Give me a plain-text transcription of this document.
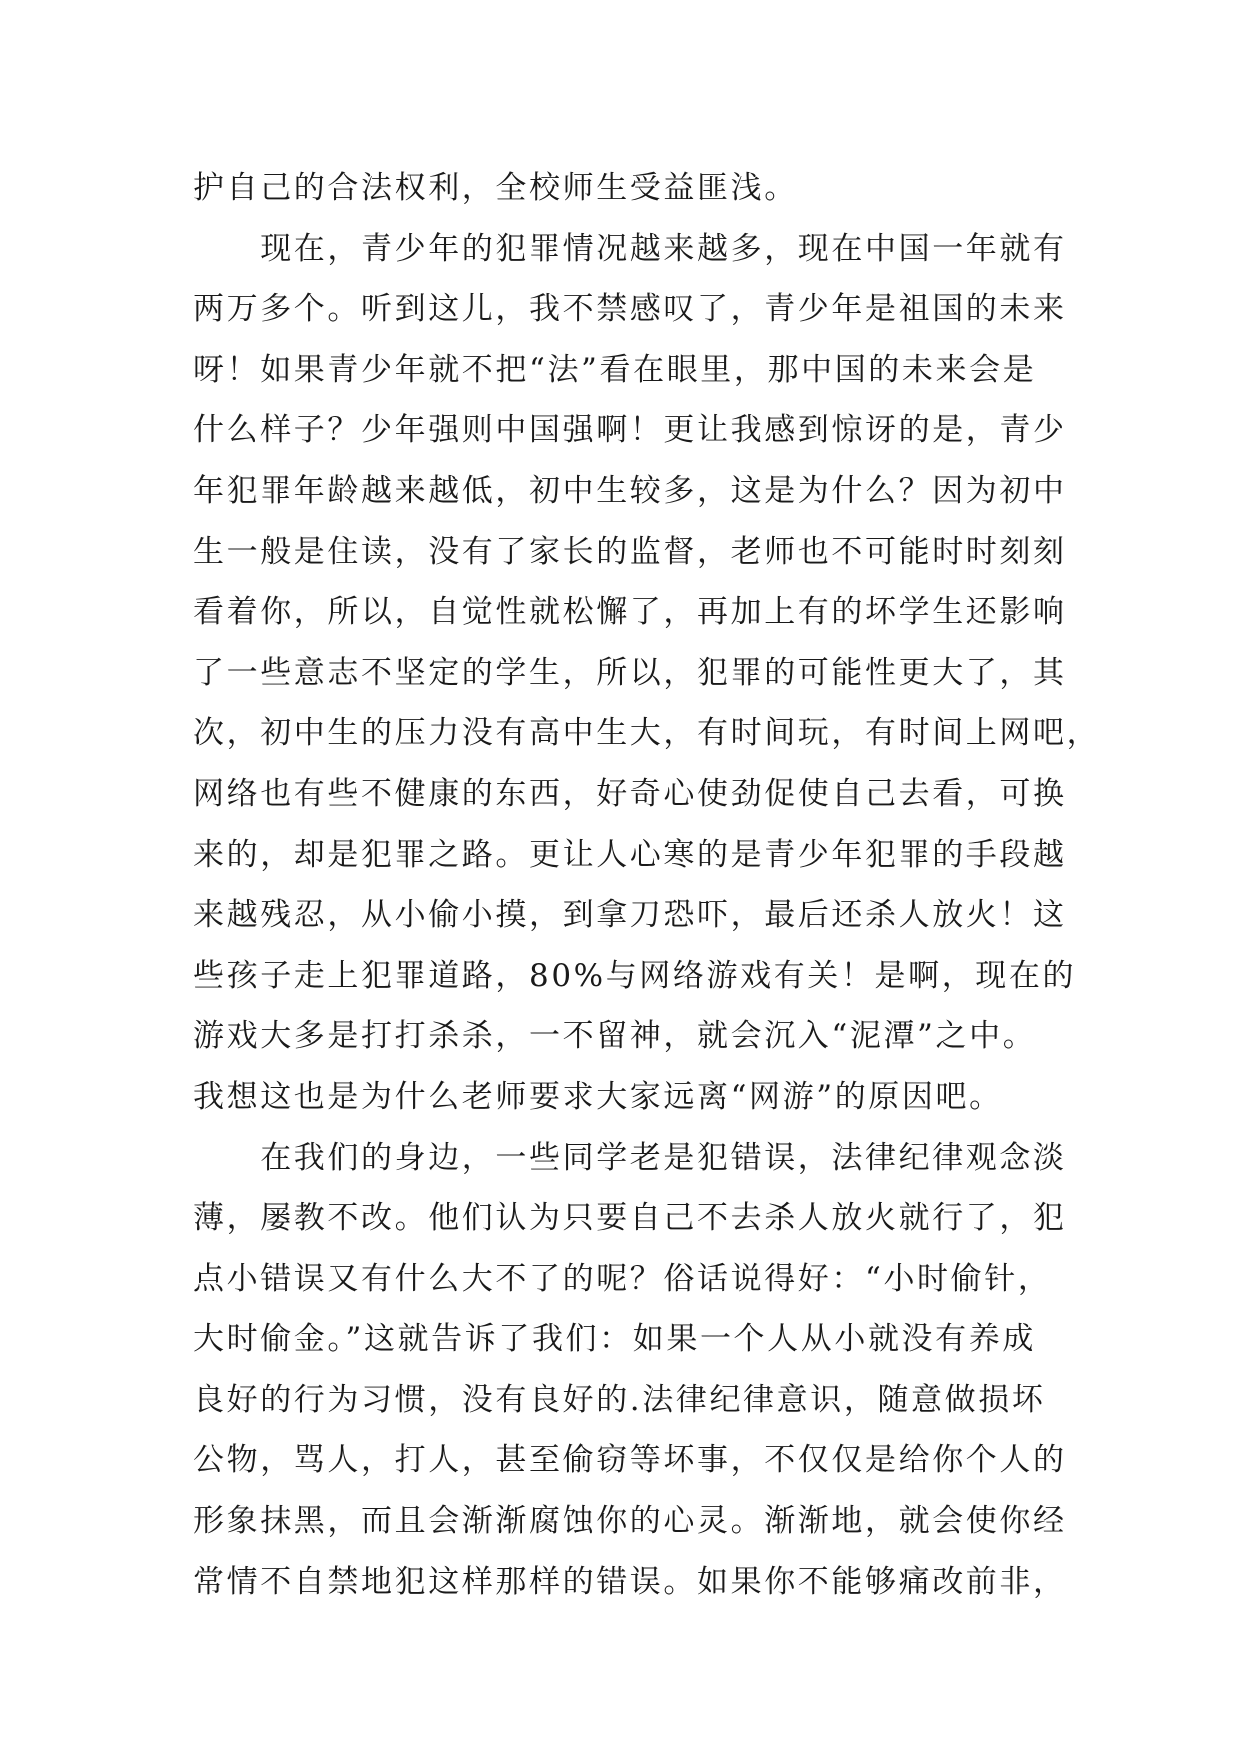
护自己的合法权利，全校师生受益匪浅。
　　现在，青少年的犯罪情况越来越多，现在中国一年就有
两万多个。听到这儿，我不禁感叹了，青少年是祖国的未来
呀！如果青少年就不把“法”看在眼里，那中国的未来会是
什么样子？少年强则中国强啊！更让我感到惊讶的是，青少
年犯罪年龄越来越低，初中生较多，这是为什么？因为初中
生一般是住读，没有了家长的监督，老师也不可能时时刻刻
看着你，所以，自觉性就松懈了，再加上有的坏学生还影响
了一些意志不坚定的学生，所以，犯罪的可能性更大了，其
次，初中生的压力没有高中生大，有时间玩，有时间上网吧，
网络也有些不健康的东西，好奇心使劲促使自己去看，可换
来的，却是犯罪之路。更让人心寒的是青少年犯罪的手段越
来越残忍，从小偷小摸，到拿刀恐吓，最后还杀人放火！这
些孩子走上犯罪道路，80%与网络游戏有关！是啊，现在的
游戏大多是打打杀杀，一不留神，就会沉入“泥潭”之中。
我想这也是为什么老师要求大家远离“网游”的原因吧。
　　在我们的身边，一些同学老是犯错误，法律纪律观念淡
薄，屡教不改。他们认为只要自己不去杀人放火就行了，犯
点小错误又有什么大不了的呢？俗话说得好：“小时偷针，
大时偷金。”这就告诉了我们：如果一个人从小就没有养成
良好的行为习惯，没有良好的.法律纪律意识，随意做损坏
公物，骂人，打人，甚至偷窃等坏事，不仅仅是给你个人的
形象抹黑，而且会渐渐腐蚀你的心灵。渐渐地，就会使你经
常情不自禁地犯这样那样的错误。如果你不能够痛改前非，
